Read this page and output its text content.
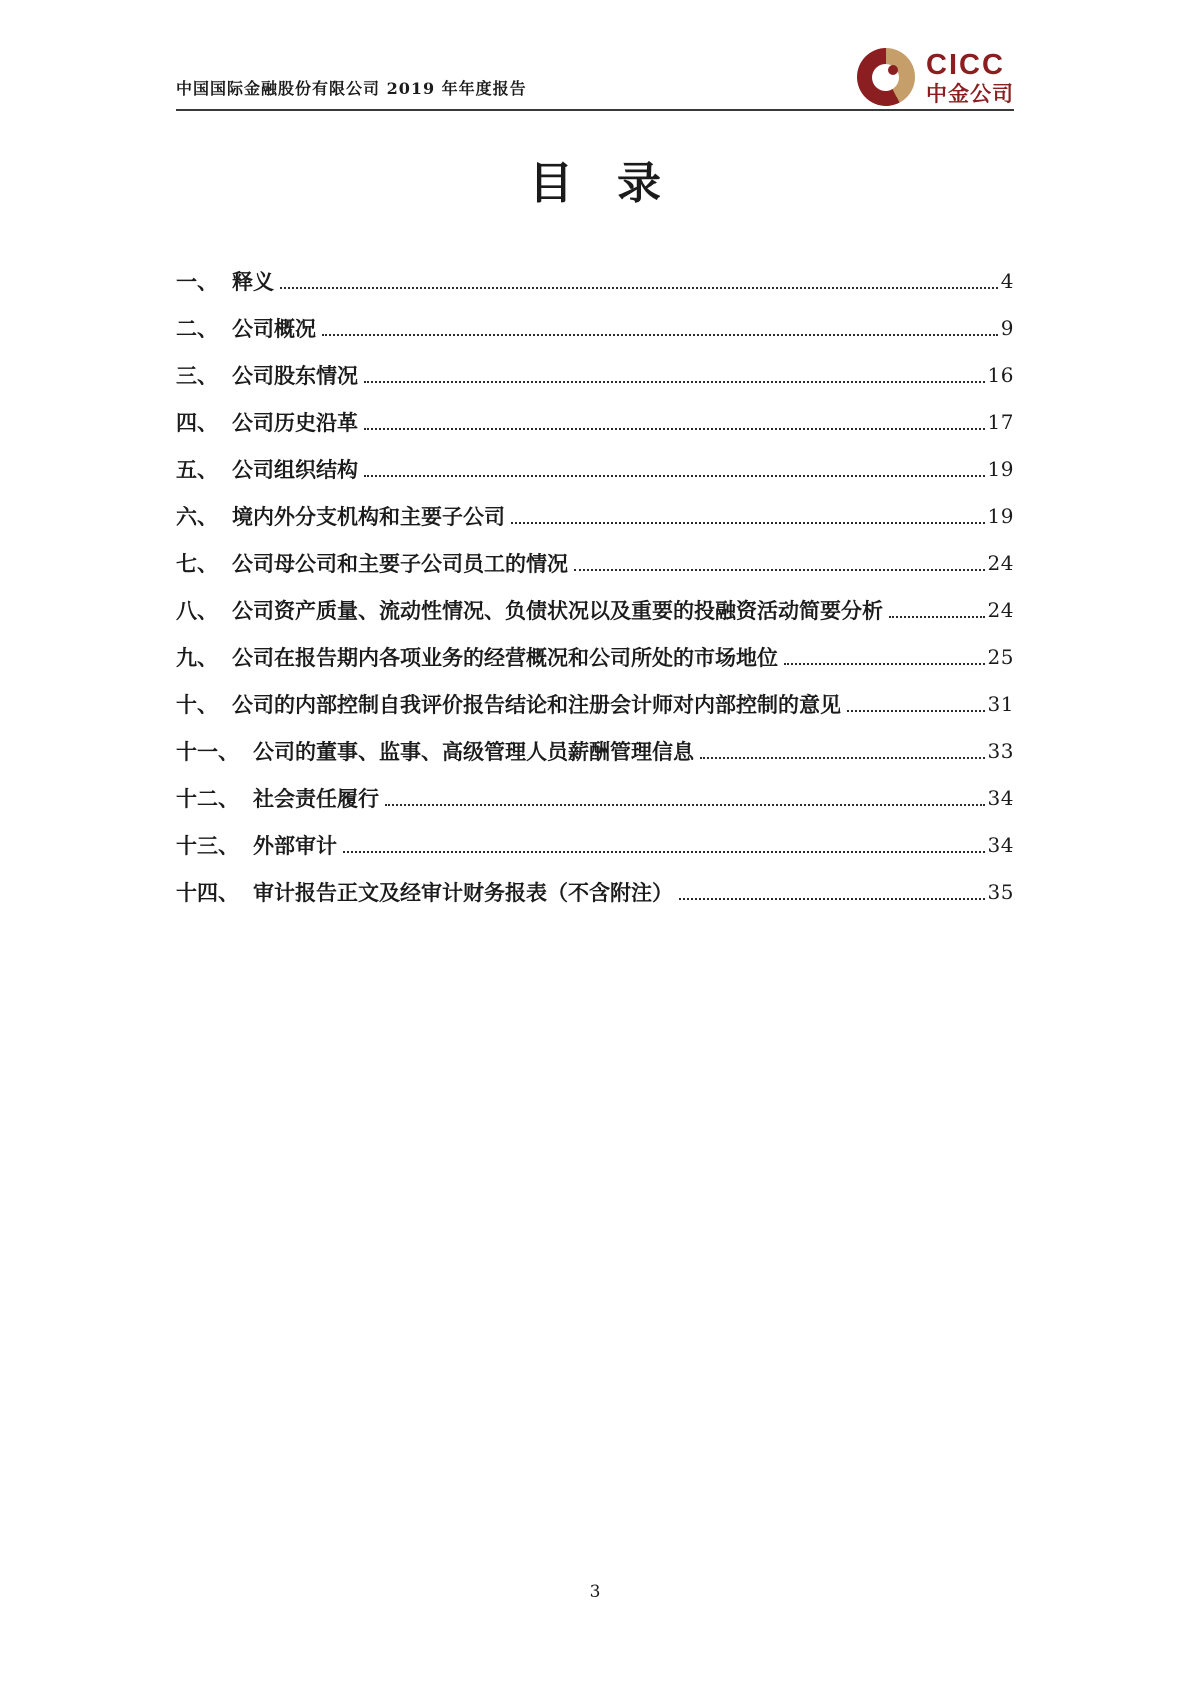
中国国际金融股份有限公司 2019 年年度报告
CICC
中金公司
目 录
一、 释义	4
二、 公司概况	9
三、 公司股东情况	16
四、 公司历史沿革	17
五、 公司组织结构	19
六、 境内外分支机构和主要子公司	19
七、 公司母公司和主要子公司员工的情况	24
八、 公司资产质量、流动性情况、负债状况以及重要的投融资活动简要分析	24
九、 公司在报告期内各项业务的经营概况和公司所处的市场地位	25
十、 公司的内部控制自我评价报告结论和注册会计师对内部控制的意见	31
十一、 公司的董事、监事、高级管理人员薪酬管理信息	33
十二、 社会责任履行	34
十三、 外部审计	34
十四、 审计报告正文及经审计财务报表（不含附注）	35
3
